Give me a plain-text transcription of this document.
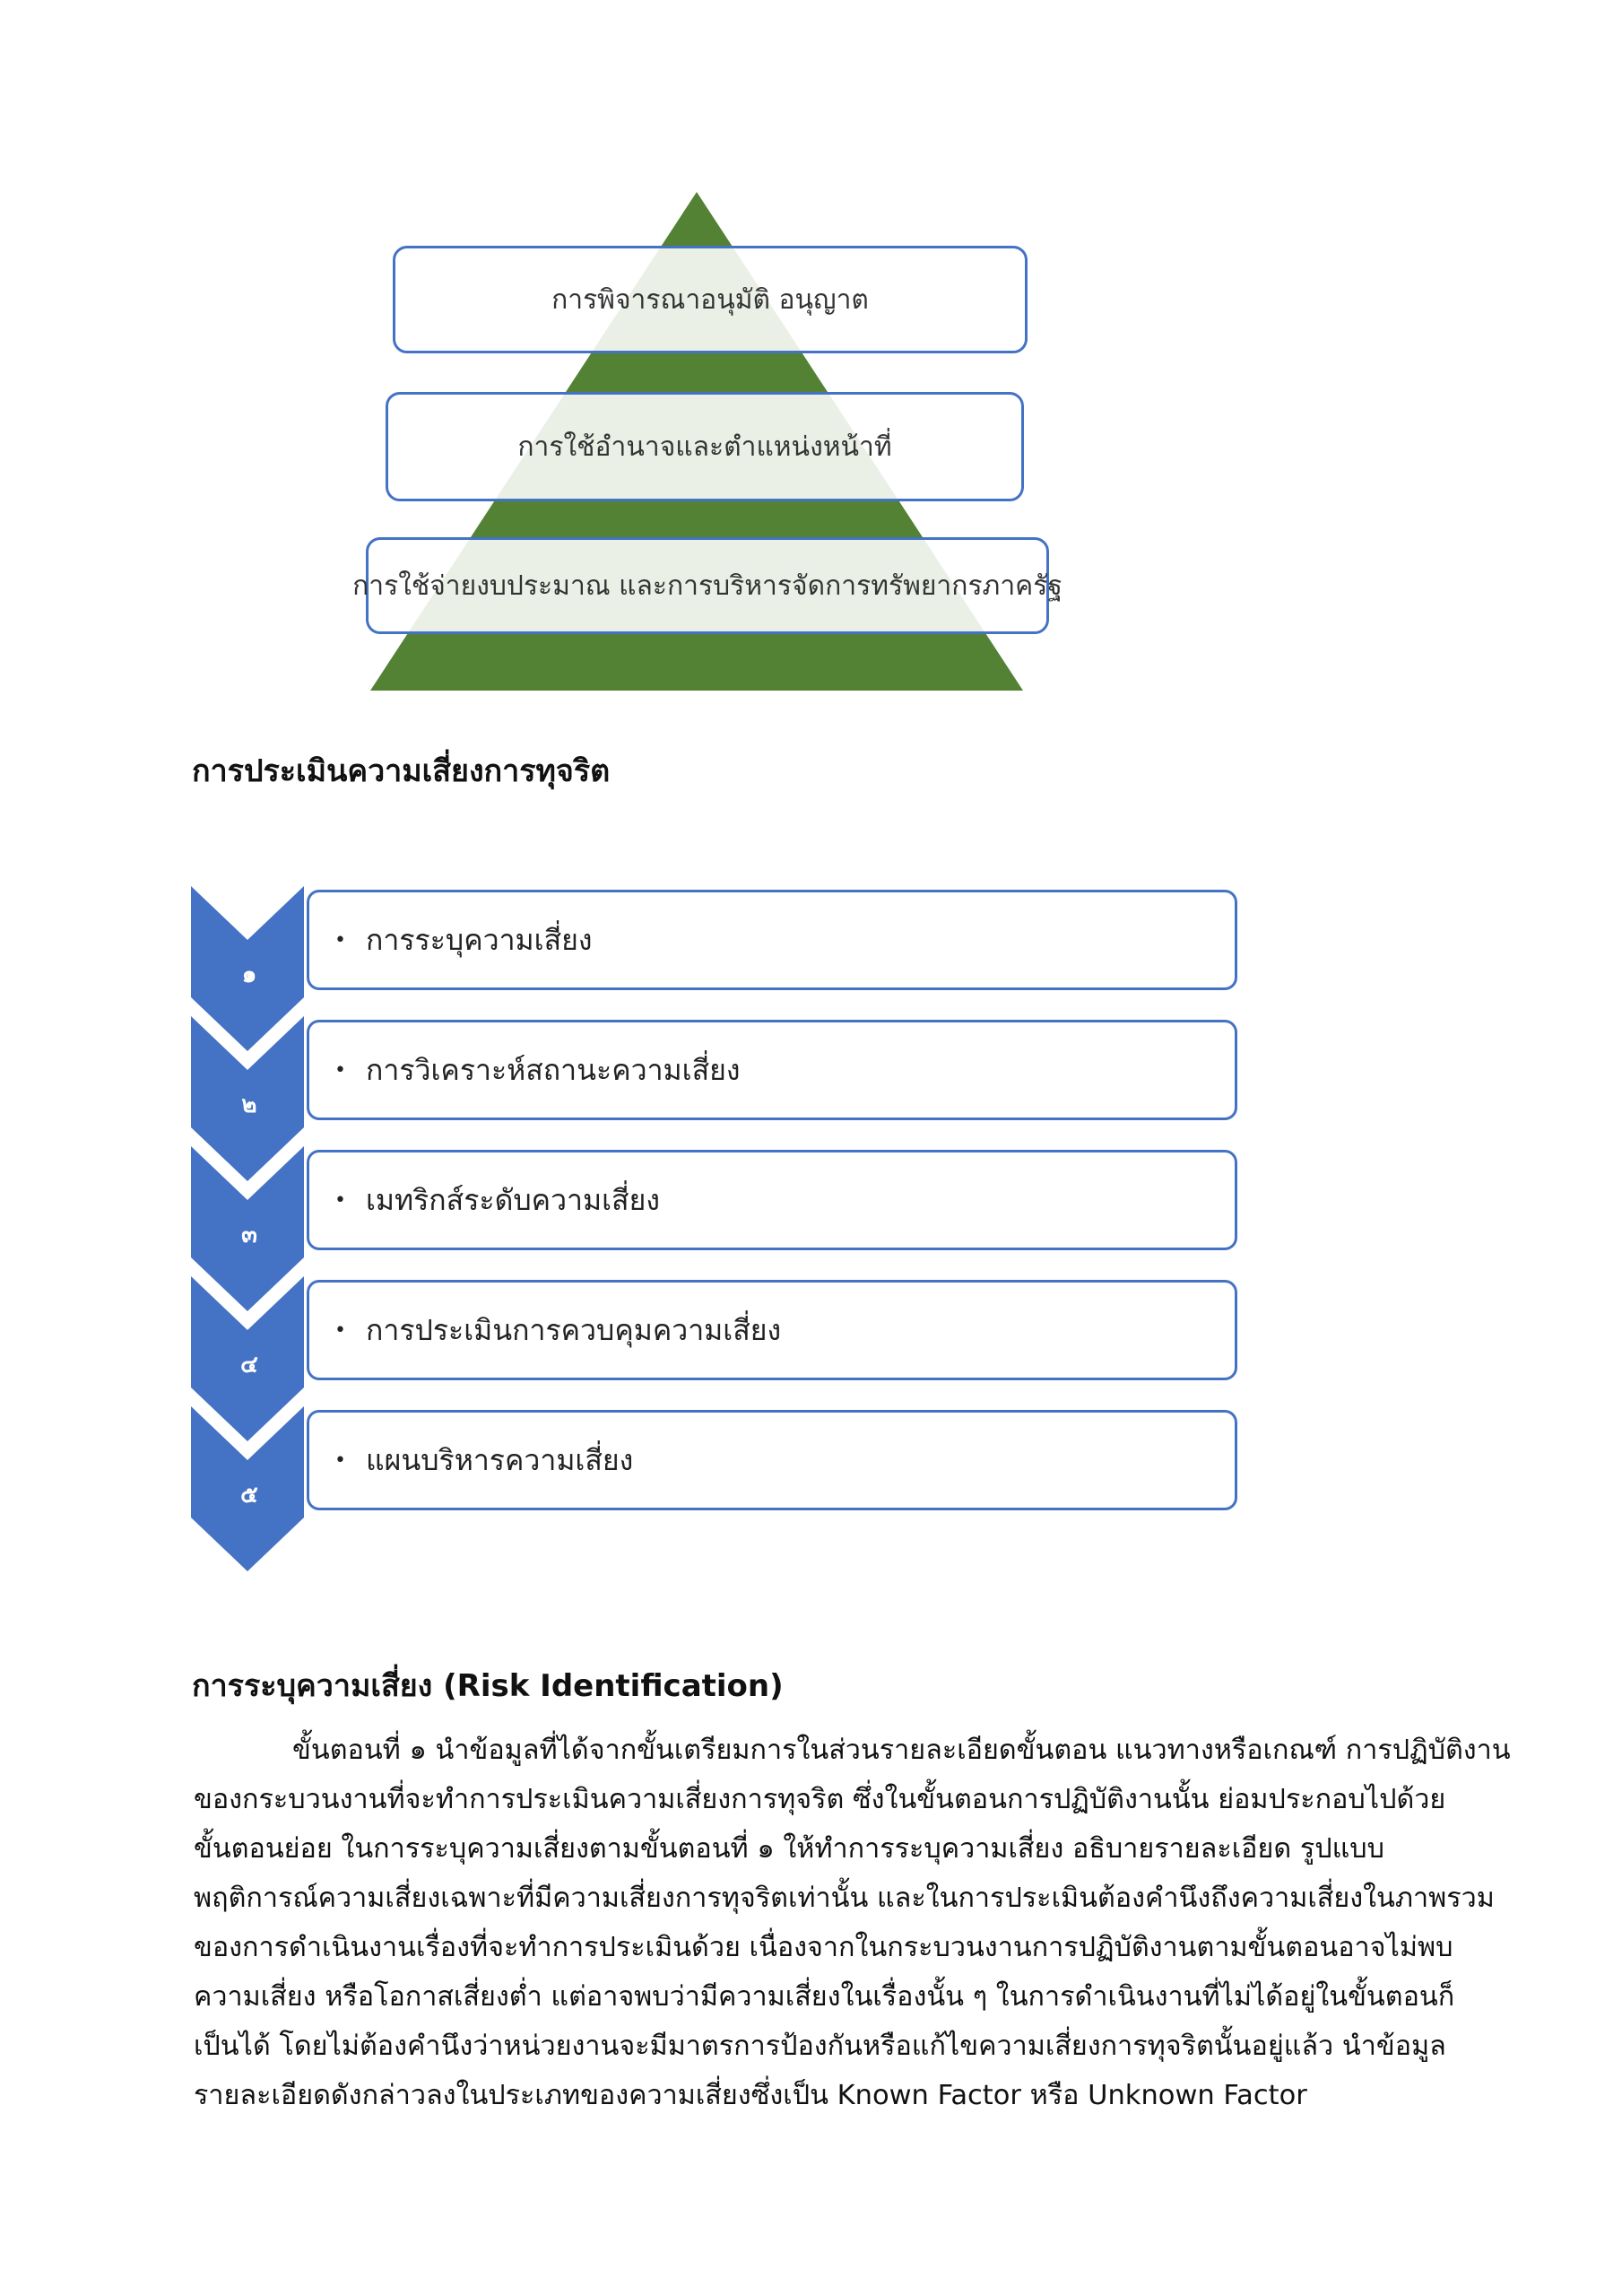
การพิจารณาอนุมัติ อนุญาต
การใช้อำนาจและตำแหน่งหน้าที่
การใช้จ่ายงบประมาณ และการบริหารจัดการทรัพยากรภาครัฐ
การประเมินความเสี่ยงการทุจริต
๑
๒
๓
๔
๕
• การระบุความเสี่ยง
• การวิเคราะห์สถานะความเสี่ยง
• เมทริกส์ระดับความเสี่ยง
• การประเมินการควบคุมความเสี่ยง
• แผนบริหารความเสี่ยง
การระบุความเสี่ยง (Risk Identification)
ขั้นตอนที่ ๑ นำข้อมูลที่ได้จากขั้นเตรียมการในส่วนรายละเอียดขั้นตอน แนวทางหรือเกณฑ์ การปฏิบัติงาน
ของกระบวนงานที่จะทำการประเมินความเสี่ยงการทุจริต ซึ่งในขั้นตอนการปฏิบัติงานนั้น ย่อมประกอบไปด้วย
ขั้นตอนย่อย ในการระบุความเสี่ยงตามขั้นตอนที่ ๑ ให้ทำการระบุความเสี่ยง อธิบายรายละเอียด รูปแบบ
พฤติการณ์ความเสี่ยงเฉพาะที่มีความเสี่ยงการทุจริตเท่านั้น และในการประเมินต้องคำนึงถึงความเสี่ยงในภาพรวม
ของการดำเนินงานเรื่องที่จะทำการประเมินด้วย เนื่องจากในกระบวนงานการปฏิบัติงานตามขั้นตอนอาจไม่พบ
ความเสี่ยง หรือโอกาสเสี่ยงต่ำ แต่อาจพบว่ามีความเสี่ยงในเรื่องนั้น ๆ ในการดำเนินงานที่ไม่ได้อยู่ในขั้นตอนก็
เป็นได้ โดยไม่ต้องคำนึงว่าหน่วยงานจะมีมาตรการป้องกันหรือแก้ไขความเสี่ยงการทุจริตนั้นอยู่แล้ว นำข้อมูล
รายละเอียดดังกล่าวลงในประเภทของความเสี่ยงซึ่งเป็น Known Factor หรือ Unknown Factor
